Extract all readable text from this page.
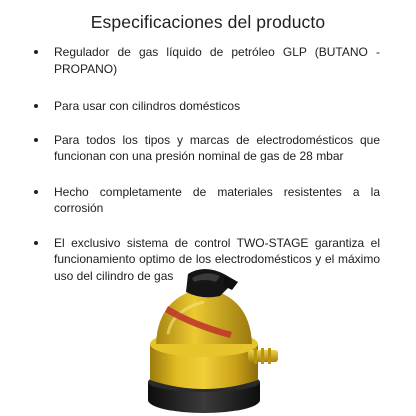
Especificaciones del producto
Regulador de gas líquido de petróleo GLP (BUTANO - PROPANO)
Para usar con cilindros domésticos
Para todos los tipos y marcas de electrodomésticos que funcionan con una presión nominal de gas de 28 mbar
Hecho completamente de materiales resistentes a la corrosión
El exclusivo sistema de control TWO-STAGE garantiza el funcionamiento optimo de los electrodomésticos y el máximo uso del cilindro de gas
